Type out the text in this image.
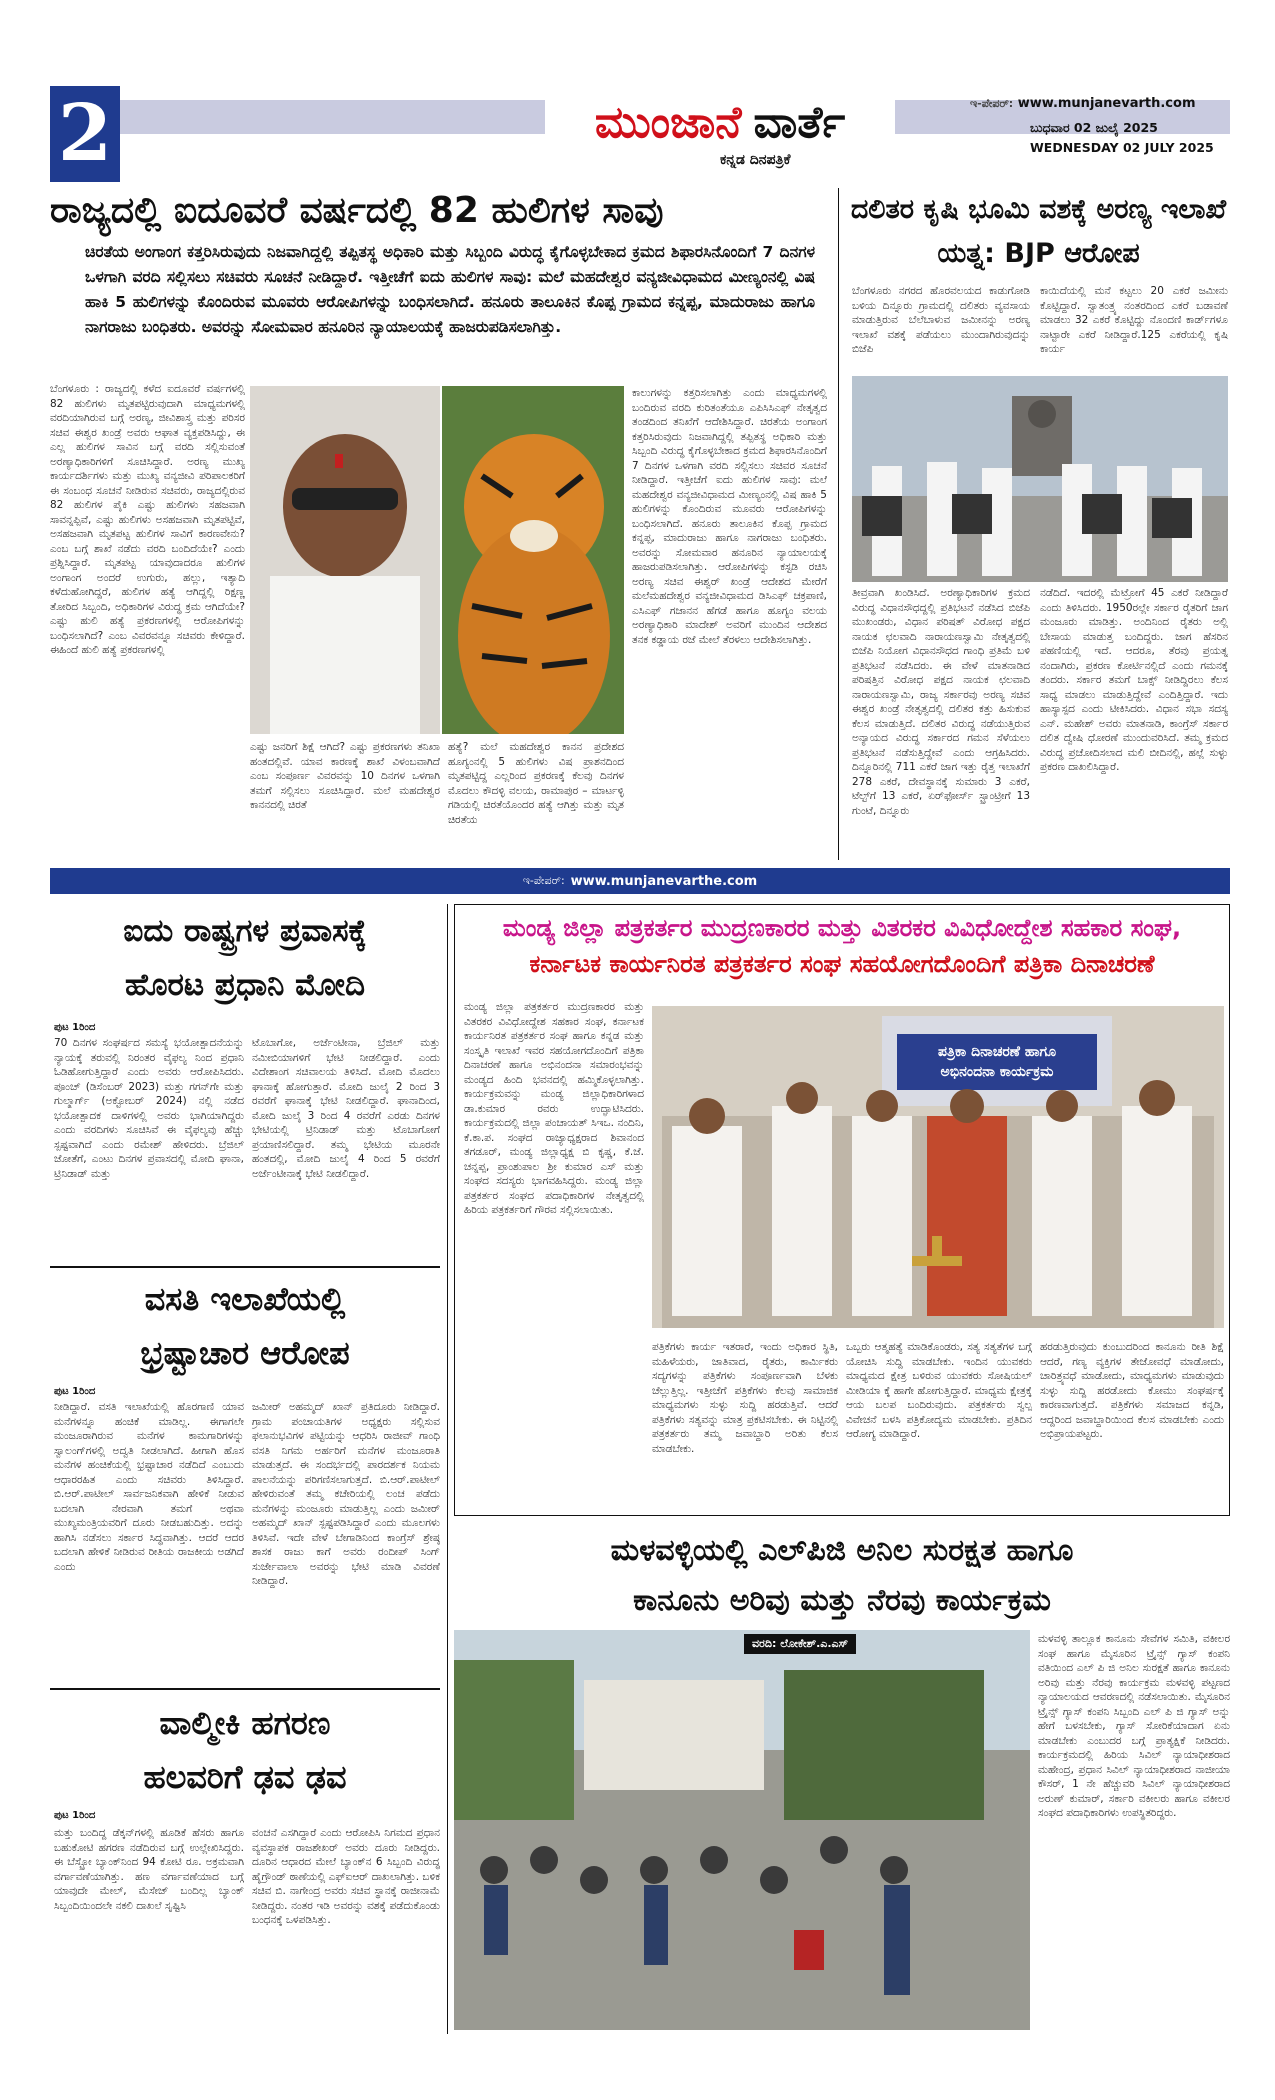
2	ಮುಂಜಾನೆ ವಾರ್ತೆ
ಕನ್ನಡ ದಿನಪತ್ರಿಕೆ
ಇ-ಪೇಪರ್: www.munjanevarth.com
ಬುಧವಾರ 02 ಜುಲೈ 2025
WEDNESDAY 02 JULY 2025
ರಾಜ್ಯದಲ್ಲಿ ಐದೂವರೆ ವರ್ಷದಲ್ಲಿ 82 ಹುಲಿಗಳ ಸಾವು
ಚಿರತೆಯ ಅಂಗಾಂಗ ಕತ್ತರಿಸಿರುವುದು ನಿಜವಾಗಿದ್ದಲ್ಲಿ ತಪ್ಪಿತಸ್ಥ ಅಧಿಕಾರಿ ಮತ್ತು ಸಿಬ್ಬಂದಿ ವಿರುದ್ಧ ಕೈಗೊಳ್ಳಬೇಕಾದ ಕ್ರಮದ ಶಿಫಾರಸಿನೊಂದಿಗೆ 7 ದಿನಗಳ ಒಳಗಾಗಿ ವರದಿ ಸಲ್ಲಿಸಲು ಸಚಿವರು ಸೂಚನೆ ನೀಡಿದ್ದಾರೆ. ಇತ್ತೀಚೆಗೆ ಐದು ಹುಲಿಗಳ ಸಾವು: ಮಲೆ ಮಹದೇಶ್ವರ ವನ್ಯಜೀವಿಧಾಮದ ಮೀಣ್ಯಂನಲ್ಲಿ ವಿಷ ಹಾಕಿ 5 ಹುಲಿಗಳನ್ನು ಕೊಂದಿರುವ ಮೂವರು ಆರೋಪಿಗಳನ್ನು ಬಂಧಿಸಲಾಗಿದೆ. ಹನೂರು ತಾಲೂಕಿನ ಕೊಪ್ಪ ಗ್ರಾಮದ ಕನ್ನಪ್ಪ, ಮಾದುರಾಜು ಹಾಗೂ ನಾಗರಾಜು ಬಂಧಿತರು. ಅವರನ್ನು ಸೋಮವಾರ ಹನೂರಿನ ನ್ಯಾಯಾಲಯಕ್ಕೆ ಹಾಜರುಪಡಿಸಲಾಗಿತ್ತು.
ಬೆಂಗಳೂರು : ರಾಜ್ಯದಲ್ಲಿ ಕಳೆದ ಐದೂವರೆ ವರ್ಷಗಳಲ್ಲಿ 82 ಹುಲಿಗಳು ಮೃತಪಟ್ಟಿರುವುದಾಗಿ ಮಾಧ್ಯಮಗಳಲ್ಲಿ ವರದಿಯಾಗಿರುವ ಬಗ್ಗೆ ಅರಣ್ಯ, ಜೀವಿಶಾಸ್ತ್ರ ಮತ್ತು ಪರಿಸರ ಸಚಿವ ಈಶ್ವರ ಖಂಡ್ರೆ ಅವರು ಆಘಾತ ವ್ಯಕ್ತಪಡಿಸಿದ್ದು, ಈ ಎಲ್ಲ ಹುಲಿಗಳ ಸಾವಿನ ಬಗ್ಗೆ ವರದಿ ಸಲ್ಲಿಸುವಂತೆ ಅರಣ್ಯಾಧಿಕಾರಿಗಳಿಗೆ ಸೂಚಿಸಿದ್ದಾರೆ. ಅರಣ್ಯ ಮುಖ್ಯ ಕಾರ್ಯದರ್ಶಿಗಳು ಮತ್ತು ಮುಖ್ಯ ವನ್ಯಜೀವಿ ಪರಿಪಾಲಕರಿಗೆ ಈ ಸಂಬಂಧ ಸೂಚನೆ ನೀಡಿರುವ ಸಚಿವರು, ರಾಜ್ಯದಲ್ಲಿರುವ 82 ಹುಲಿಗಳ ಪೈಕಿ ಎಷ್ಟು ಹುಲಿಗಳು ಸಹಜವಾಗಿ ಸಾವನ್ನಪ್ಪಿವೆ, ಎಷ್ಟು ಹುಲಿಗಳು ಅಸಹಜವಾಗಿ ಮೃತಪಟ್ಟಿವೆ, ಅಸಹಜವಾಗಿ ಮೃತಪಟ್ಟ ಹುಲಿಗಳ ಸಾವಿಗೆ ಕಾರಣವೇನು? ಎಂಬ ಬಗ್ಗೆ ಶಾಖೆ ನಡೆದು ವರದಿ ಬಂದಿದೆಯೇ? ಎಂದು ಪ್ರಶ್ನಿಸಿದ್ದಾರೆ. ಮೃತಪಟ್ಟ ಯಾವುದಾದರೂ ಹುಲಿಗಳ ಅಂಗಾಂಗ ಅಂದರೆ ಉಗುರು, ಹಲ್ಲು, ಇತ್ಯಾದಿ ಕಳೆದುಹೋಗಿದ್ದರೆ, ಹುಲಿಗಳ ಹತ್ಯೆ ಆಗಿದ್ದಲ್ಲಿ ರಿಕ್ಷಣ್ಣ ತೋರಿದ ಸಿಬ್ಬಂದಿ, ಅಧಿಕಾರಿಗಳ ವಿರುದ್ಧ ಕ್ರಮ ಆಗಿದೆಯೇ? ಎಷ್ಟು ಹುಲಿ ಹತ್ಯೆ ಪ್ರಕರಣಗಳಲ್ಲಿ ಆರೋಪಿಗಳನ್ನು ಬಂಧಿಸಲಾಗಿದೆ? ಎಂಬ ವಿವರವನ್ನೂ ಸಚಿವರು ಕೇಳಿದ್ದಾರೆ. ಈಹಿಂದೆ ಹುಲಿ ಹತ್ಯೆ ಪ್ರಕರಣಗಳಲ್ಲಿ
ಎಷ್ಟು ಜನರಿಗೆ ಶಿಕ್ಷೆ ಆಗಿದೆ? ಎಷ್ಟು ಪ್ರಕರಣಗಳು ತನಿಖಾ ಹಂತದಲ್ಲಿವೆ. ಯಾವ ಕಾರಣಕ್ಕೆ ಶಾಖೆ ವಿಳಂಬವಾಗಿದೆ ಎಂಬ ಸಂಪೂರ್ಣ ವಿವರವನ್ನು 10 ದಿನಗಳ ಒಳಗಾಗಿ ತಮಗೆ ಸಲ್ಲಿಸಲು ಸೂಚಿಸಿದ್ದಾರೆ. ಮಲೆ ಮಹದೇಶ್ವರ ಕಾನನದಲ್ಲಿ ಚಿರತೆ
ಹತ್ಯೆ? ಮಲೆ ಮಹದೇಶ್ವರ ಕಾನನ ಪ್ರದೇಶದ ಹೂಗ್ಯಂನಲ್ಲಿ 5 ಹುಲಿಗಳು ವಿಷ ಪ್ರಾಶನದಿಂದ ಮೃತಪಟ್ಟಿದ್ದ ಎಲ್ಲರಿಂದ ಪ್ರಕರಣಕ್ಕೆ ಕೆಲವು ದಿನಗಳ ಮೊದಲು ಕೌದಳ್ಳಿ ವಲಯ, ರಾಮಾಪುರ – ಮಾರ್ಟಳ್ಳಿ ಗಡಿಯಲ್ಲಿ ಚಿರತೆಯೊಂದರ ಹತ್ಯೆ ಆಗಿತ್ತು ಮತ್ತು ಮೃತ ಚಿರತೆಯ
ಕಾಲುಗಳನ್ನು ಕತ್ತರಿಸಲಾಗಿತ್ತು ಎಂದು ಮಾಧ್ಯಮಗಳಲ್ಲಿ ಬಂದಿರುವ ವರದಿ ಕುರಿತಂತೆಯೂ ಎಪಿಸಿಸಿಎಫ್ ನೇತೃತ್ವದ ತಂಡದಿಂದ ತನಿಖೆಗೆ ಆದೇಶಿಸಿದ್ದಾರೆ. ಚಿರತೆಯ ಅಂಗಾಂಗ ಕತ್ತರಿಸಿರುವುದು ನಿಜವಾಗಿದ್ದಲ್ಲಿ ತಪ್ಪಿತಸ್ಥ ಅಧಿಕಾರಿ ಮತ್ತು ಸಿಬ್ಬಂದಿ ವಿರುದ್ಧ ಕೈಗೊಳ್ಳಬೇಕಾದ ಕ್ರಮದ ಶಿಫಾರಸಿನೊಂದಿಗೆ 7 ದಿನಗಳ ಒಳಗಾಗಿ ವರದಿ ಸಲ್ಲಿಸಲು ಸಚಿವರ ಸೂಚನೆ ನೀಡಿದ್ದಾರೆ. ಇತ್ತೀಚೆಗೆ ಐದು ಹುಲಿಗಳ ಸಾವು: ಮಲೆ ಮಹದೇಶ್ವರ ವನ್ಯಜೀವಿಧಾಮದ ಮೀಣ್ಯಂನಲ್ಲಿ ವಿಷ ಹಾಕಿ 5 ಹುಲಿಗಳನ್ನು ಕೊಂದಿರುವ ಮೂವರು ಆರೋಪಿಗಳನ್ನು ಬಂಧಿಸಲಾಗಿದೆ. ಹನೂರು ತಾಲೂಕಿನ ಕೊಪ್ಪ ಗ್ರಾಮದ ಕನ್ನಪ್ಪ, ಮಾದುರಾಜು ಹಾಗೂ ನಾಗರಾಜು ಬಂಧಿತರು. ಅವರನ್ನು ಸೋಮವಾರ ಹನೂರಿನ ನ್ಯಾಯಾಲಯಕ್ಕೆ ಹಾಜರುಪಡಿಸಲಾಗಿತ್ತು. ಆರೋಪಿಗಳನ್ನು ಕಸ್ಟಡಿ ರಚಿಸಿ ಅರಣ್ಯ ಸಚಿವ ಈಶ್ವರ್ ಖಂಡ್ರೆ ಆದೇಶದ ಮೇರೆಗೆ ಮಲೆಮಹದೇಶ್ವರ ವನ್ಯಜೀವಿಧಾಮದ ಡಿಸಿಎಫ್ ಚಕ್ರಪಾಣಿ, ಎಸಿಎಫ್ ಗಜಾನನ ಹೆಗಡೆ ಹಾಗೂ ಹೂಗ್ಯಂ ವಲಯ ಅರಣ್ಯಾಧಿಕಾರಿ ಮಾದೇಶ್ ಅವರಿಗೆ ಮುಂದಿನ ಆದೇಶದ ತನಕ ಕಡ್ಡಾಯ ರಜೆ ಮೇಲೆ ತೆರಳಲು ಆದೇಶಿಸಲಾಗಿತ್ತು.
ದಲಿತರ ಕೃಷಿ ಭೂಮಿ ವಶಕ್ಕೆ ಅರಣ್ಯ ಇಲಾಖೆ ಯತ್ನ: BJP ಆರೋಪ
ಬೆಂಗಳೂರು ನಗರದ ಹೊರವಲಯದ ಕಾಡುಗೋಡಿ ಬಳಿಯ ದಿನ್ನೂರು ಗ್ರಾಮದಲ್ಲಿ ದಲಿತರು ವ್ಯವಸಾಯ ಮಾಡುತ್ತಿರುವ ಬೆಲೆಬಾಳುವ ಜಮೀನನ್ನು ಅರಣ್ಯ ಇಲಾಖೆ ವಶಕ್ಕೆ ಪಡೆಯಲು ಮುಂದಾಗಿರುವುದನ್ನು ಬಿಜೆಪಿ
ಕಾಯಿದೆಯಲ್ಲಿ ಮನೆ ಕಟ್ಟಲು 20 ಎಕರೆ ಜಮೀನು ಕೊಟ್ಟಿದ್ದಾರೆ. ಸ್ವಾತಂತ್ರ್ಯ ನಂತರದಿಂದ ಎಕರೆ ಬಡಾವಣೆ ಮಾಡಲು 32 ಎಕರೆ ಕೊಟ್ಟಿದ್ದು ನೊಂದಣಿ ಕಾರ್ಡ್‌ಗಳೂ ನಾಟ್ಟಾರೇ ಎಕರೆ ನೀಡಿದ್ದಾರೆ.125 ಎಕರೆಯಲ್ಲಿ ಕೃಷಿ ಕಾರ್ಯ
ತೀವ್ರವಾಗಿ ಖಂಡಿಸಿದೆ. ಅರಣ್ಯಾಧಿಕಾರಿಗಳ ಕ್ರಮದ ವಿರುದ್ಧ ವಿಧಾನಸೌಧದ್ದಲ್ಲಿ ಪ್ರತಿಭಟನೆ ನಡೆಸಿದ ಬಿಜೆಪಿ ಮುಖಂಡರು, ವಿಧಾನ ಪರಿಷತ್ ವಿರೋಧ ಪಕ್ಷದ ನಾಯಕ ಛಲವಾದಿ ನಾರಾಯಣಸ್ವಾಮಿ ನೇತೃತ್ವದಲ್ಲಿ ಬಿಜೆಪಿ ನಿಯೋಗ ವಿಧಾನಸೌಧದ ಗಾಂಧಿ ಪ್ರತಿಮೆ ಬಳಿ ಪ್ರತಿಭಟನೆ ನಡೆಸಿದರು. ಈ ವೇಳೆ ಮಾತನಾಡಿದ ಪರಿಷತ್ತಿನ ವಿರೋಧ ಪಕ್ಷದ ನಾಯಕ ಛಲವಾದಿ ನಾರಾಯಣಸ್ವಾಮಿ, ರಾಜ್ಯ ಸರ್ಕಾರವು ಅರಣ್ಯ ಸಚಿವ ಈಶ್ವರ ಖಂಡ್ರೆ ನೇತೃತ್ವದಲ್ಲಿ ದಲಿತರ ಕತ್ತು ಹಿಸುಕುವ ಕೆಲಸ ಮಾಡುತ್ತಿದೆ. ದಲಿತರ ವಿರುದ್ಧ ನಡೆಯುತ್ತಿರುವ ಅನ್ಯಾಯದ ವಿರುದ್ಧ ಸರ್ಕಾರದ ಗಮನ ಸೆಳೆಯಲು ಪ್ರತಿಭಟನೆ ನಡೆಸುತ್ತಿದ್ದೇವೆ ಎಂದು ಆಗ್ರಹಿಸಿದರು. ದಿನ್ನೂರಿನಲ್ಲಿ 711 ಎಕರೆ ಜಾಗ ಇತ್ತು ರೈತ್ತ ಇಲಾಖೆಗೆ 278 ಎಕರೆ, ದೇವಸ್ಥಾನಕ್ಕೆ ಸುಮಾರು 3 ಎಕರೆ, ಟೆಲ್ಟ್‌ಗೆ 13 ಎಕರೆ, ಏರ್‌ಫೋರ್ಸ್ ಸ್ಟ್ರಾಂಟ್ರೀಗೆ 13 ಗುಂಟೆ, ದಿನ್ನೂರು
ನಡೆದಿದೆ. ಇದರಲ್ಲಿ ಮೆಟ್ರೋಗೆ 45 ಎಕರೆ ನೀಡಿದ್ದಾರೆ ಎಂದು ತಿಳಿಸಿದರು. 1950ರಲ್ಲೇ ಸರ್ಕಾರ ರೈತರಿಗೆ ಜಾಗ ಮಂಜೂರು ಮಾಡಿತ್ತು. ಅಂದಿನಿಂದ ರೈತರು ಅಲ್ಲಿ ಬೇಸಾಯ ಮಾಡುತ್ತ ಬಂದಿದ್ದರು. ಜಾಗ ಹೆಸರಿನ ಪಹಣಿಯಲ್ಲಿ ಇದೆ. ಆದರೂ, ತೆರವು ಪ್ರಯತ್ನ ನಂದಾಗಿರು, ಪ್ರಕರಣ ಕೋರ್ಟಿನಲ್ಲಿದೆ ಎಂದು ಗಮನಕ್ಕೆ ತಂದರು. ಸರ್ಕಾರ ತಮಗೆ ಬಾಕ್ಸ್ ನೀಡಿದ್ದಿರಲು ಕೆಲಸ ಸಾಧ್ಯ ಮಾಡಲು ಮಾಡುತ್ತಿದ್ದೇವೆ ಎಂದಿತ್ತಿದ್ದಾರೆ. ಇದು ಹಾಸ್ಯಾಸ್ಪದ ಎಂದು ಟೀಕಿಸಿದರು. ವಿಧಾನ ಸಭಾ ಸದಸ್ಯ ಎನ್. ಮಹೇಶ್ ಅವರು ಮಾತನಾಡಿ, ಕಾಂಗ್ರೆಸ್ ಸರ್ಕಾರ ದಲಿತ ದ್ವೇಷಿ ಧೋರಣೆ ಮುಂದುವರಿಸಿದೆ. ತಮ್ಮ ಕ್ರಮದ ವಿರುದ್ಧ ಪ್ರಚೋದಿಸಲಾದ ಮಲಿ ಬೀದಿನಲ್ಲಿ, ಹಲ್ಲೆ ಸುಳ್ಳು ಪ್ರಕರಣ ದಾಖಲಿಸಿದ್ದಾರೆ.
ಇ-ಪೇಪರ್: www.munjanevarthe.com
ಐದು ರಾಷ್ಟ್ರಗಳ ಪ್ರವಾಸಕ್ಕೆ
ಹೊರಟ ಪ್ರಧಾನಿ ಮೋದಿ
ಪುಟ 1ರಿಂದ
70 ದಿನಗಳ ಸಂಘರ್ಷದ ಸಮಸ್ಯೆ ಭಯೋತ್ಪಾದನೆಯನ್ನು ನ್ಯಾಯಕ್ಕೆ ತರುವಲ್ಲಿ ನಿರಂತರ ವೈಫಲ್ಯ ನಿಂದ ಪ್ರಧಾನಿ ಓಡಿಹೋಗುತ್ತಿದ್ದಾರೆ ಎಂದು ಅವರು ಆರೋಪಿಸಿದರು. ಪೂಂಚ್ (ಡಿಸೆಂಬರ್ 2023) ಮತ್ತು ಗಗನ್‌ಗೇ ಮತ್ತು ಗುಲ್ಮಾರ್ಗ್ (ಅಕ್ಟೋಬರ್ 2024) ನಲ್ಲಿ ನಡೆದ ಭಯೋತ್ಪಾದಕ ದಾಳಿಗಳಲ್ಲಿ ಅವರು ಭಾಗಿಯಾಗಿದ್ದರು ಎಂದು ವರದಿಗಳು ಸೂಚಿಸಿವೆ ಈ ವೈಫಲ್ಯವು ಹೆಚ್ಚು ಸ್ಪಷ್ಟವಾಗಿದೆ ಎಂದು ರಮೇಶ್ ಹೇಳಿದರು. ಬ್ರೆಜಿಲ್ ಜೋತೆಗೆ, ಎಂಟು ದಿನಗಳ ಪ್ರವಾಸದಲ್ಲಿ ಮೋದಿ ಘಾನಾ, ಟ್ರಿನಿಡಾಡ್ ಮತ್ತು
ಟೊಬಾಗೋ, ಅರ್ಜೆಂಟೀನಾ, ಬ್ರೆಜಿಲ್ ಮತ್ತು ನಮೀಬಿಯಾಗಳಿಗೆ ಭೇಟಿ ನೀಡಲಿದ್ದಾರೆ. ಎಂದು ವಿದೇಶಾಂಗ ಸಚಿವಾಲಯ ತಿಳಿಸಿದೆ. ಮೋದಿ ಮೊದಲು ಘಾನಾಕ್ಕೆ ಹೋಗುತ್ತಾರೆ. ಮೋದಿ ಜುಲೈ 2 ರಿಂದ 3 ರವರೆಗೆ ಘಾನಾಕ್ಕೆ ಭೇಟಿ ನೀಡಲಿದ್ದಾರೆ. ಘಾನಾದಿಂದ, ಮೋದಿ ಜುಲೈ 3 ರಿಂದ 4 ರವರೆಗೆ ಎರಡು ದಿನಗಳ ಭೇಟಿಯಲ್ಲಿ ಟ್ರಿನಿಡಾಡ್ ಮತ್ತು ಟೊಬಾಗೋಗೆ ಪ್ರಯಾಣಿಸಲಿದ್ದಾರೆ. ತಮ್ಮ ಭೇಟಿಯ ಮೂರನೇ ಹಂತದಲ್ಲಿ, ಮೋದಿ ಜುಲೈ 4 ರಿಂದ 5 ರವರೆಗೆ ಅರ್ಜೆಂಟೀನಾಕ್ಕೆ ಭೇಟಿ ನೀಡಲಿದ್ದಾರೆ.
ವಸತಿ ಇಲಾಖೆಯಲ್ಲಿ
ಭ್ರಷ್ಟಾಚಾರ ಆರೋಪ
ಪುಟ 1ರಿಂದ
ನೀಡಿದ್ದಾರೆ. ವಸತಿ ಇಲಾಖೆಯಲ್ಲಿ ಹೊರಗಾಣಿ ಯಾವ ಮನೆಗಳನ್ನೂ ಹಂಚಿಕೆ ಮಾಡಿಲ್ಲ. ಈಗಾಗಲೇ ಮಂಜೂರಾಗಿರುವ ಮನೆಗಳ ಕಾಮಗಾರಿಗಳನ್ನು ಸ್ವಾಲಂಗ್‌ಗಳಲ್ಲಿ ಅದ್ವತಿ ನೀಡಲಾಗಿದೆ. ಹೀಗಾಗಿ ಹೊಸ ಮನೆಗಳ ಹಂಚಿಕೆಯಲ್ಲಿ ಭ್ರಷ್ಟಾಚಾರ ನಡೆದಿದೆ ಎಂಬುದು ಆಧಾರರಹಿತ ಎಂದು ಸಚಿವರು ತಿಳಿಸಿದ್ದಾರೆ. ಬಿ.ಆರ್.ಪಾಟೀಲ್ ಸಾರ್ವಜನಿಕವಾಗಿ ಹೇಳಿಕೆ ನೀಡುವ ಬದಲಾಗಿ ನೇರವಾಗಿ ತಮಗೆ ಅಥವಾ ಮುಖ್ಯಮಂತ್ರಿಯವರಿಗೆ ದೂರು ನೀಡಬಹುದಿತ್ತು. ಅದನ್ನು ಹಾಗಿಸಿ ನಡೆಸಲು ಸರ್ಕಾರ ಸಿದ್ಧವಾಗಿತ್ತು. ಆದರೆ ಆದರ ಬದಲಾಗಿ ಹೇಳಿಕೆ ನೀಡಿರುವ ರೀತಿಯ ರಾಜಕೀಯ ಅಡಗಿದೆ ಎಂದು
ಜಮೀರ್ ಅಹಮ್ಮದ್ ಖಾನ್ ಪ್ರತಿದೂರು ನೀಡಿದ್ದಾರೆ. ಗ್ರಾಮ ಪಂಚಾಯತಿಗಳ ಅಧ್ಯಕ್ಷರು ಸಲ್ಲಿಸುವ ಫಲಾನುಭವಿಗಳ ಪಟ್ಟಿಯನ್ನು ಆಧರಿಸಿ ರಾಜೀವ್ ಗಾಂಧಿ ವಸತಿ ನಿಗಮ ಅರ್ಹರಿಗೆ ಮನೆಗಳ ಮಂಜೂರಾತಿ ಮಾಡುತ್ತದೆ. ಈ ಸಂದರ್ಭದಲ್ಲಿ ಪಾರದರ್ಶಕ ನಿಯಮ ಪಾಲನೆಯನ್ನು ಪರಿಗಣಿಸಲಾಗುತ್ತದೆ. ಬಿ.ಆರ್.ಪಾಟೀಲ್ ಹೇಳಿರುವಂತೆ ತಮ್ಮ ಕಚೇರಿಯಲ್ಲಿ ಲಂಚ ಪಡೆದು ಮನೆಗಳನ್ನು ಮಂಜೂರು ಮಾಡುತ್ತಿಲ್ಲ ಎಂದು ಜಮೀರ್ ಅಹಮ್ಮದ್ ಖಾನ್ ಸ್ಪಷ್ಟಪಡಿಸಿದ್ದಾರೆ ಎಂದು ಮೂಲಗಳು ತಿಳಿಸಿವೆ. ಇದೇ ವೇಳೆ ಬೇಗಾಡಿನಿಂದ ಕಾಂಗ್ರೆಸ್ ಶ್ರೇಷ್ಠ ಶಾಸಕ ರಾಜು ಕಾಗೆ ಅವರು ರಂದೀಪ್ ಸಿಂಗ್ ಸುರ್ಜೇವಾಲಾ ಅವರನ್ನು ಭೇಟಿ ಮಾಡಿ ವಿವರಣೆ ನೀಡಿದ್ದಾರೆ.
ವಾಲ್ಮೀಕಿ ಹಗರಣ
ಹಲವರಿಗೆ ಢವ ಢವ
ಪುಟ 1ರಿಂದ
ಮತ್ತು ಬಂದಿದ್ದ ಡೆಕ್ಕನ್‌ಗಳಲ್ಲಿ ಹೂಡಿಕೆ ಹೆಸರು ಹಾಗೂ ಬಹುಕೋಟಿ ಹಗರಣ ನಡೆದಿರುವ ಬಗ್ಗೆ ಉಲ್ಲೇಖಿಸಿದ್ದರು. ಈ ಬೆಸ್ಟ್ರೋ ಬ್ಯಾಂಕ್‌ನಿಂದ 94 ಕೋಟಿ ರೂ. ಅಕ್ರಮವಾಗಿ ವರ್ಗಾವಣೆಯಾಗಿತ್ತು. ಹಣ ವರ್ಗಾವಣೆಯಾದ ಬಗ್ಗೆ ಯಾವುದೇ ಮೇಲ್, ಮೆಸೇಜ್ ಬಂದಿಲ್ಲ ಬ್ಯಾಂಕ್ ಸಿಬ್ಬಂದಿಯಿಂದಲೇ ನಕಲಿ ದಾಖಲೆ ಸೃಷ್ಟಿಸಿ
ವಂಚನೆ ಎಸಗಿದ್ದಾರೆ ಎಂದು ಆರೋಪಿಸಿ ನಿಗಮದ ಪ್ರಧಾನ ವ್ಯವಸ್ಥಾಪಕ ರಾಜಶೇಖರ್ ಅವರು ದೂರು ನೀಡಿದ್ದರು. ದೂರಿನ ಆಧಾರದ ಮೇಲೆ ಬ್ಯಾಂಕ್‌ನ 6 ಸಿಬ್ಬಂದಿ ವಿರುದ್ಧ ಹೈಗ್ರೌಂಡ್ ಠಾಣೆಯಲ್ಲಿ ಎಫ್‌ಐಆರ್ ದಾಖಲಾಗಿತ್ತು. ಬಳಿಕ ಸಚಿವ ಬಿ. ನಾಗೇಂದ್ರ ಅವರು ಸಚಿವ ಸ್ಥಾನಕ್ಕೆ ರಾಜೀನಾಮೆ ನೀಡಿದ್ದರು. ನಂತರ ಇಡಿ ಅವರನ್ನು ವಶಕ್ಕೆ ಪಡೆದುಕೊಂಡು ಬಂಧನಕ್ಕೆ ಒಳಪಡಿಸಿತ್ತು.
ಮಂಡ್ಯ ಜಿಲ್ಲಾ ಪತ್ರಕರ್ತರ ಮುದ್ರಣಕಾರರ ಮತ್ತು ವಿತರಕರ ವಿವಿಧೋದ್ದೇಶ ಸಹಕಾರ ಸಂಘ,
ಕರ್ನಾಟಕ ಕಾರ್ಯನಿರತ ಪತ್ರಕರ್ತರ ಸಂಘ ಸಹಯೋಗದೊಂದಿಗೆ ಪತ್ರಿಕಾ ದಿನಾಚರಣೆ
ಮಂಡ್ಯ ಜಿಲ್ಲಾ ಪತ್ರಕರ್ತರ ಮುದ್ರಣಕಾರರ ಮತ್ತು ವಿತರಕರ ವಿವಿಧೋದ್ದೇಶ ಸಹಕಾರ ಸಂಘ, ಕರ್ನಾಟಕ ಕಾರ್ಯನಿರತ ಪತ್ರಕರ್ತರ ಸಂಘ ಹಾಗೂ ಕನ್ನಡ ಮತ್ತು ಸಂಸ್ಕೃತಿ ಇಲಾಖೆ ಇವರ ಸಹಯೋಗದೊಂದಿಗೆ ಪತ್ರಿಕಾ ದಿನಾಚರಣೆ ಹಾಗೂ ಅಭಿನಂದನಾ ಸಮಾರಂಭವನ್ನು ಮಂಡ್ಯದ ಹಿಂದಿ ಭವನದಲ್ಲಿ ಹಮ್ಮಿಕೊಳ್ಳಲಾಗಿತ್ತು. ಕಾರ್ಯಕ್ರಮವನ್ನು ಮಂಡ್ಯ ಜಿಲ್ಲಾಧಿಕಾರಿಗಳಾದ ಡಾ.ಕುಮಾರ ರವರು ಉದ್ಘಾಟಿಸಿದರು. ಕಾರ್ಯಕ್ರಮದಲ್ಲಿ ಜಿಲ್ಲಾ ಪಂಚಾಯತ್ ಸಿಇಒ. ನಂದಿನಿ, ಕೆ.ಕಾ.ಪ. ಸಂಘದ ರಾಜ್ಯಾಧ್ಯಕ್ಷರಾದ ಶಿವಾನಂದ ತಗಡೂರ್, ಮಂಡ್ಯ ಜಿಲ್ಲಾಧ್ಯಕ್ಷ ಬಿ ಕೃಷ್ಣ, ಕೆ.ಜೆ. ಚನ್ನಪ್ಪ, ಪ್ರಾಂಶುಪಾಲ ಶ್ರೀ ಕುಮಾರ ಎಸ್ ಮತ್ತು ಸಂಘದ ಸದಸ್ಯರು ಭಾಗವಹಿಸಿದ್ದರು. ಮಂಡ್ಯ ಜಿಲ್ಲಾ ಪತ್ರಕರ್ತರ ಸಂಘದ ಪದಾಧಿಕಾರಿಗಳ ನೇತೃತ್ವದಲ್ಲಿ ಹಿರಿಯ ಪತ್ರಕರ್ತರಿಗೆ ಗೌರವ ಸಲ್ಲಿಸಲಾಯಿತು.
ಪತ್ರಿಕಾ ದಿನಾಚರಣೆ ಹಾಗೂ
ಅಭಿನಂದನಾ ಕಾರ್ಯಕ್ರಮ
ಪತ್ರಿಕೆಗಳು ಕಾರ್ಯ ಇತರಾರೆ, ಇಂದು ಅಧಿಕಾರ ಸ್ಥಿತಿ, ಮಹಿಳೆಯರು, ಜಾತಿವಾದ, ರೈತರು, ಕಾರ್ಮಿಕರು ಸದ್ಯಗಳನ್ನು ಪತ್ರಿಕೆಗಳು ಸಂಪೂರ್ಣವಾಗಿ ಬೆಳಕು ಚೆಲ್ಲುತ್ತಿಲ್ಲ. ಇತ್ತೀಚೆಗೆ ಪತ್ರಿಕೆಗಳು ಕೆಲವು ಸಾಮಾಜಿಕ ಮಾಧ್ಯಮಗಳು ಸುಳ್ಳು ಸುದ್ದಿ ಹರಡುತ್ತಿವೆ. ಆದರೆ ಪತ್ರಿಕೆಗಳು ಸತ್ಯವನ್ನು ಮಾತ್ರ ಪ್ರಕಟಿಸಬೇಕು. ಈ ನಿಟ್ಟಿನಲ್ಲಿ ಪತ್ರಕರ್ತರು ತಮ್ಮ ಜವಾಬ್ದಾರಿ ಅರಿತು ಕೆಲಸ ಮಾಡಬೇಕು.
ಒಬ್ಬರು ಆತ್ಮಹತ್ಯೆ ಮಾಡಿಕೊಂಡರು, ಸತ್ಯ ಸತ್ಯತೆಗಳ ಬಗ್ಗೆ ಯೋಚಿಸಿ ಸುದ್ದಿ ಮಾಡಬೇಕು. ಇಂದಿನ ಯುವಕರು ಮಾಧ್ಯಮದ ಕ್ಷೇತ್ರ ಬಳಿರುವ ಯುವಕರು ಸೋಷಿಯಲ್ ಮೀಡಿಯಾ ಕ್ಕೆ ಹಾಗೇ ಹೋಗುತ್ತಿದ್ದಾರೆ. ಮಾಧ್ಯಮ ಕ್ಷೇತ್ರಕ್ಕೆ ಆಯ ಬಲಪ ಬಂದಿರುವುದು. ಪತ್ರಕರ್ತರು ಸ್ವಲ್ಪ ವಿವೇಚನೆ ಬಳಸಿ ಪತ್ರಿಕೋದ್ಯಮ ಮಾಡಬೇಕು. ಪ್ರತಿದಿನ ಆರೋಗ್ಯ ಮಾಡಿದ್ದಾರೆ.
ಹರಡುತ್ತಿರುವುದು ಕುಂಬುದರಿಂದ ಕಾನೂನು ರೀತಿ ಶಿಕ್ಷೆ ಆದರೆ, ಗಣ್ಯ ವ್ಯಕ್ತಿಗಳ ತೇಜೋವಧೆ ಮಾಡೋದು, ಚಾರಿತ್ರ್ಯವಧೆ ಮಾಡೋದು, ಮಾಧ್ಯಮಗಳು ಮಾಡುವುದು ಸುಳ್ಳು ಸುದ್ದಿ ಹರಡೋದು ಕೋಮು ಸಂಘರ್ಷಕ್ಕೆ ಕಾರಣವಾಗುತ್ತದೆ. ಪತ್ರಿಕೆಗಳು ಸಮಾಜದ ಕನ್ನಡಿ, ಆದ್ದರಿಂದ ಜವಾಬ್ದಾರಿಯಿಂದ ಕೆಲಸ ಮಾಡಬೇಕು ಎಂದು ಅಭಿಪ್ರಾಯಪಟ್ಟರು.
ಮಳವಳ್ಳಿಯಲ್ಲಿ ಎಲ್‌ಪಿಜಿ ಅನಿಲ ಸುರಕ್ಷತ ಹಾಗೂ
ಕಾನೂನು ಅರಿವು ಮತ್ತು ನೆರವು ಕಾರ್ಯಕ್ರಮ
ವರದಿ: ಲೋಕೇಶ್.ಎ.ಎಸ್	ಮಳವಳ್ಳಿ ತಾಲ್ಲೂಕ ಕಾನೂನು ಸೇವೆಗಳ ಸಮಿತಿ, ವಕೀಲರ ಸಂಘ ಹಾಗೂ ಮೈಸೂರಿನ ಟ್ರೈನ್ಸ್ ಗ್ಯಾಸ್ ಕಂಪನಿ ವತಿಯಿಂದ ಎಲ್ ಪಿ ಜಿ ಅನಿಲ ಸುರಕ್ಷತೆ ಹಾಗೂ ಕಾನೂನು ಅರಿವು ಮತ್ತು ನೆರವು ಕಾರ್ಯಕ್ರಮ ಮಳವಳ್ಳಿ ಪಟ್ಟಣದ ನ್ಯಾಯಾಲಯದ ಆವರಣದಲ್ಲಿ ನಡೆಸಲಾಯಿತು. ಮೈಸೂರಿನ ಟ್ರೈನ್ಸ್ ಗ್ಯಾಸ್ ಕಂಪನಿ ಸಿಬ್ಬಂದಿ ಎಲ್ ಪಿ ಜಿ ಗ್ಯಾಸ್ ಅನ್ನು ಹೇಗೆ ಬಳಸಬೇಕು, ಗ್ಯಾಸ್ ಸೋರಿಕೆಯಾದಾಗ ಏನು ಮಾಡಬೇಕು ಎಂಬುದರ ಬಗ್ಗೆ ಪ್ರಾತ್ಯಕ್ಷಿಕೆ ನೀಡಿದರು. ಕಾರ್ಯಕ್ರಮದಲ್ಲಿ ಹಿರಿಯ ಸಿವಿಲ್ ನ್ಯಾಯಾಧೀಶರಾದ ಮಹೇಂದ್ರ, ಪ್ರಧಾನ ಸಿವಿಲ್ ನ್ಯಾಯಾಧೀಶರಾದ ನಾಜೀಯಾ ಕೌಸರ್, 1 ನೇ ಹೆಚ್ಚುವರಿ ಸಿವಿಲ್ ನ್ಯಾಯಾಧೀಶರಾದ ಅರುಣ್ ಕುಮಾರ್, ಸರ್ಕಾರಿ ವಕೀಲರು ಹಾಗೂ ವಕೀಲರ ಸಂಘದ ಪದಾಧಿಕಾರಿಗಳು ಉಪಸ್ಥಿತರಿದ್ದರು.
